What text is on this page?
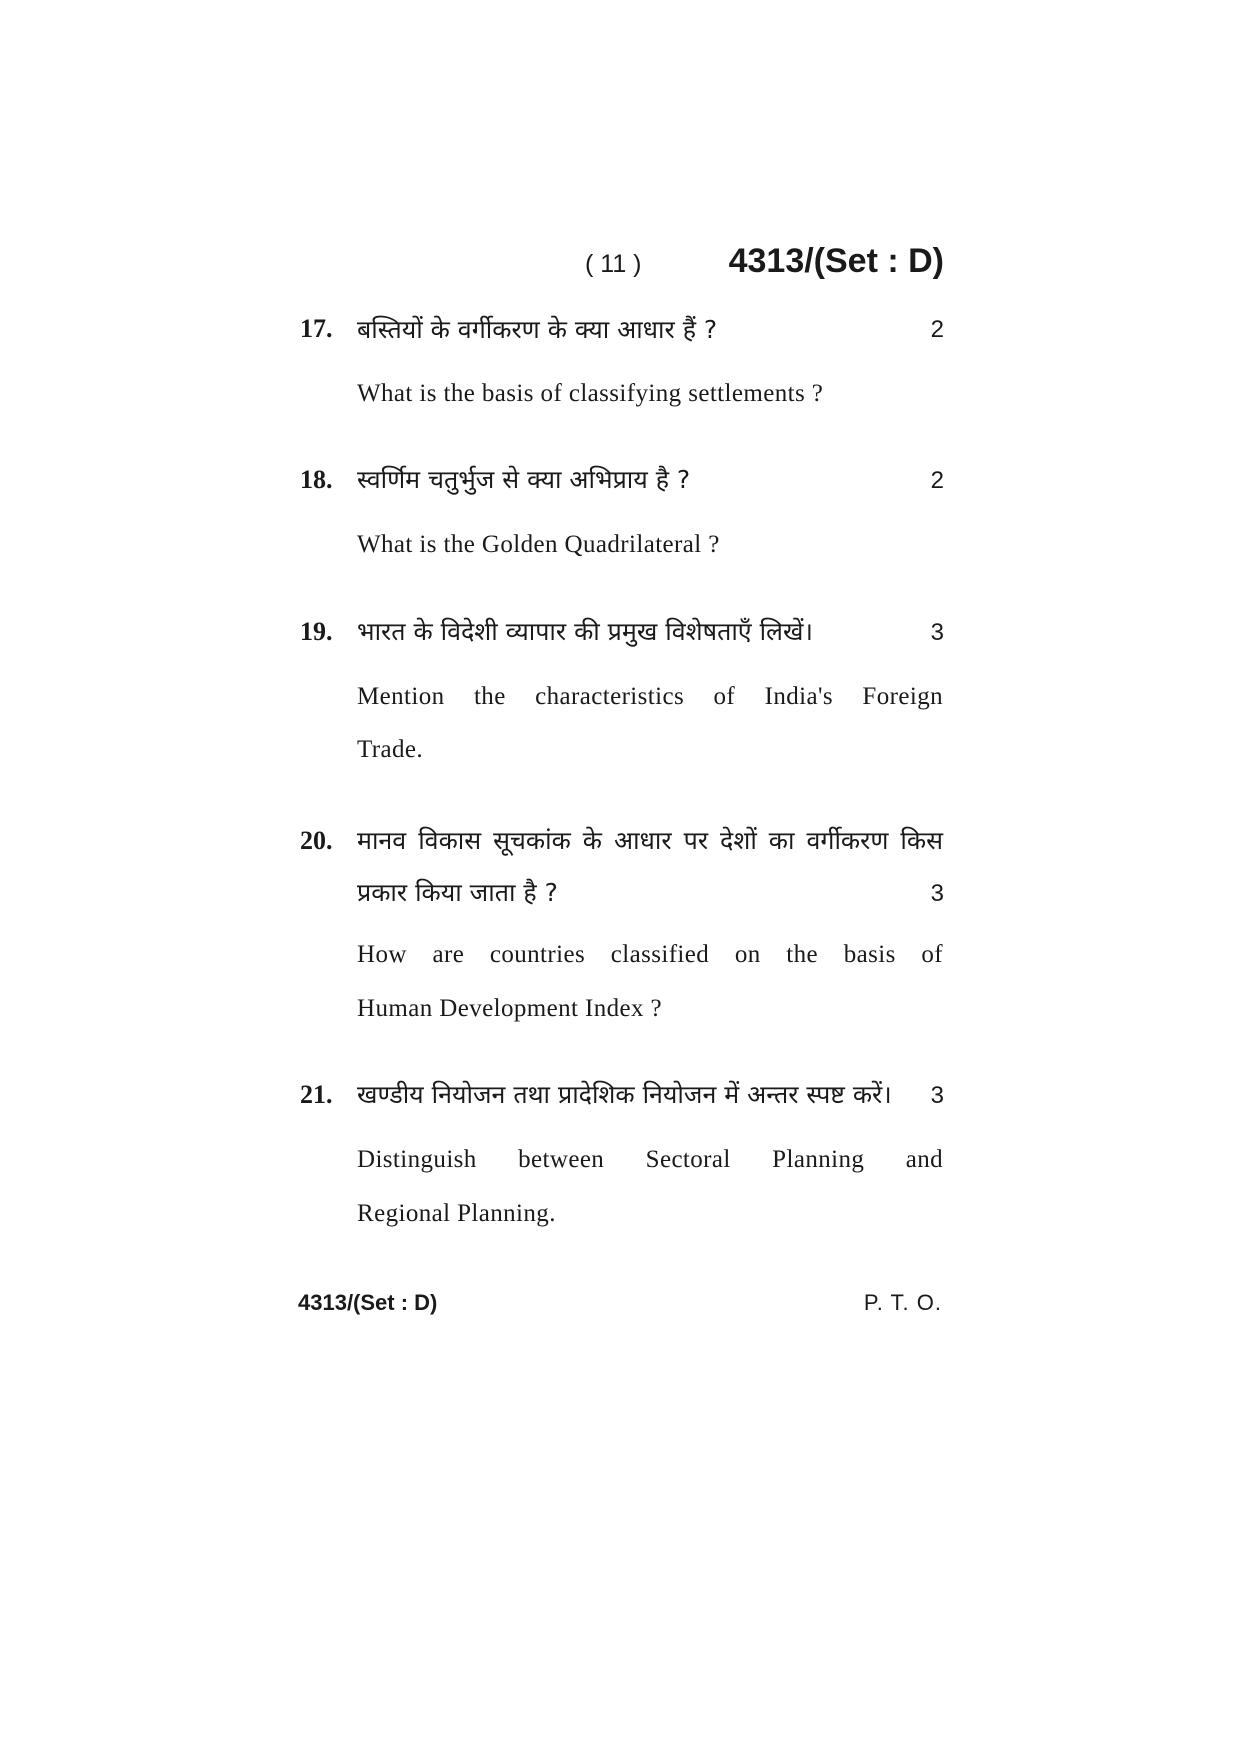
( 11 )	4313/(Set : D)
17. बस्तियों के वर्गीकरण के क्या आधार हैं ?	2
What is the basis of classifying settlements ?
18. स्वर्णिम चतुर्भुज से क्या अभिप्राय है ?	2
What is the Golden Quadrilateral ?
19. भारत के विदेशी व्यापार की प्रमुख विशेषताएँ लिखें।	3
Mention the characteristics of India's Foreign
Trade.
20. मानव विकास सूचकांक के आधार पर देशों का वर्गीकरण किस
प्रकार किया जाता है ?	3
How are countries classified on the basis of
Human Development Index ?
21. खण्डीय नियोजन तथा प्रादेशिक नियोजन में अन्तर स्पष्ट करें। 3
Distinguish between Sectoral Planning and
Regional Planning.
4313/(Set : D)	P. T. O.
